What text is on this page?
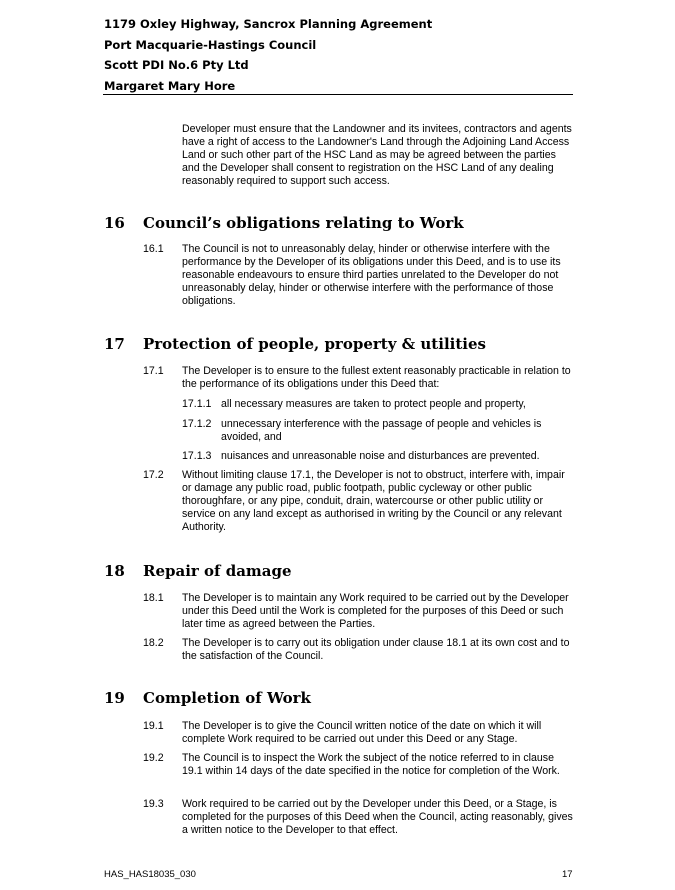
1179 Oxley Highway, Sancrox Planning Agreement
Port Macquarie-Hastings Council
Scott PDI No.6 Pty Ltd
Margaret Mary Hore

Developer must ensure that the Landowner and its invitees, contractors and agents have a right of access to the Landowner's Land through the Adjoining Land Access Land or such other part of the HSC Land as may be agreed between the parties and the Developer shall consent to registration on the HSC Land of any dealing reasonably required to support such access.

16 Council’s obligations relating to Work
16.1 The Council is not to unreasonably delay, hinder or otherwise interfere with the performance by the Developer of its obligations under this Deed, and is to use its reasonable endeavours to ensure third parties unrelated to the Developer do not unreasonably delay, hinder or otherwise interfere with the performance of those obligations.

17 Protection of people, property & utilities
17.1 The Developer is to ensure to the fullest extent reasonably practicable in relation to the performance of its obligations under this Deed that:

17.1.1 all necessary measures are taken to protect people and property,

17.1.2 unnecessary interference with the passage of people and vehicles is avoided, and

17.1.3 nuisances and unreasonable noise and disturbances are prevented.

17.2 Without limiting clause 17.1, the Developer is not to obstruct, interfere with, impair or damage any public road, public footpath, public cycleway or other public thoroughfare, or any pipe, conduit, drain, watercourse or other public utility or service on any land except as authorised in writing by the Council or any relevant Authority.

18 Repair of damage
18.1 The Developer is to maintain any Work required to be carried out by the Developer under this Deed until the Work is completed for the purposes of this Deed or such later time as agreed between the Parties.

18.2 The Developer is to carry out its obligation under clause 18.1 at its own cost and to the satisfaction of the Council.

19 Completion of Work
19.1 The Developer is to give the Council written notice of the date on which it will complete Work required to be carried out under this Deed or any Stage.

19.2 The Council is to inspect the Work the subject of the notice referred to in clause 19.1 within 14 days of the date specified in the notice for completion of the Work.

19.3 Work required to be carried out by the Developer under this Deed, or a Stage, is completed for the purposes of this Deed when the Council, acting reasonably, gives a written notice to the Developer to that effect.

HAS_HAS18035_030	17
